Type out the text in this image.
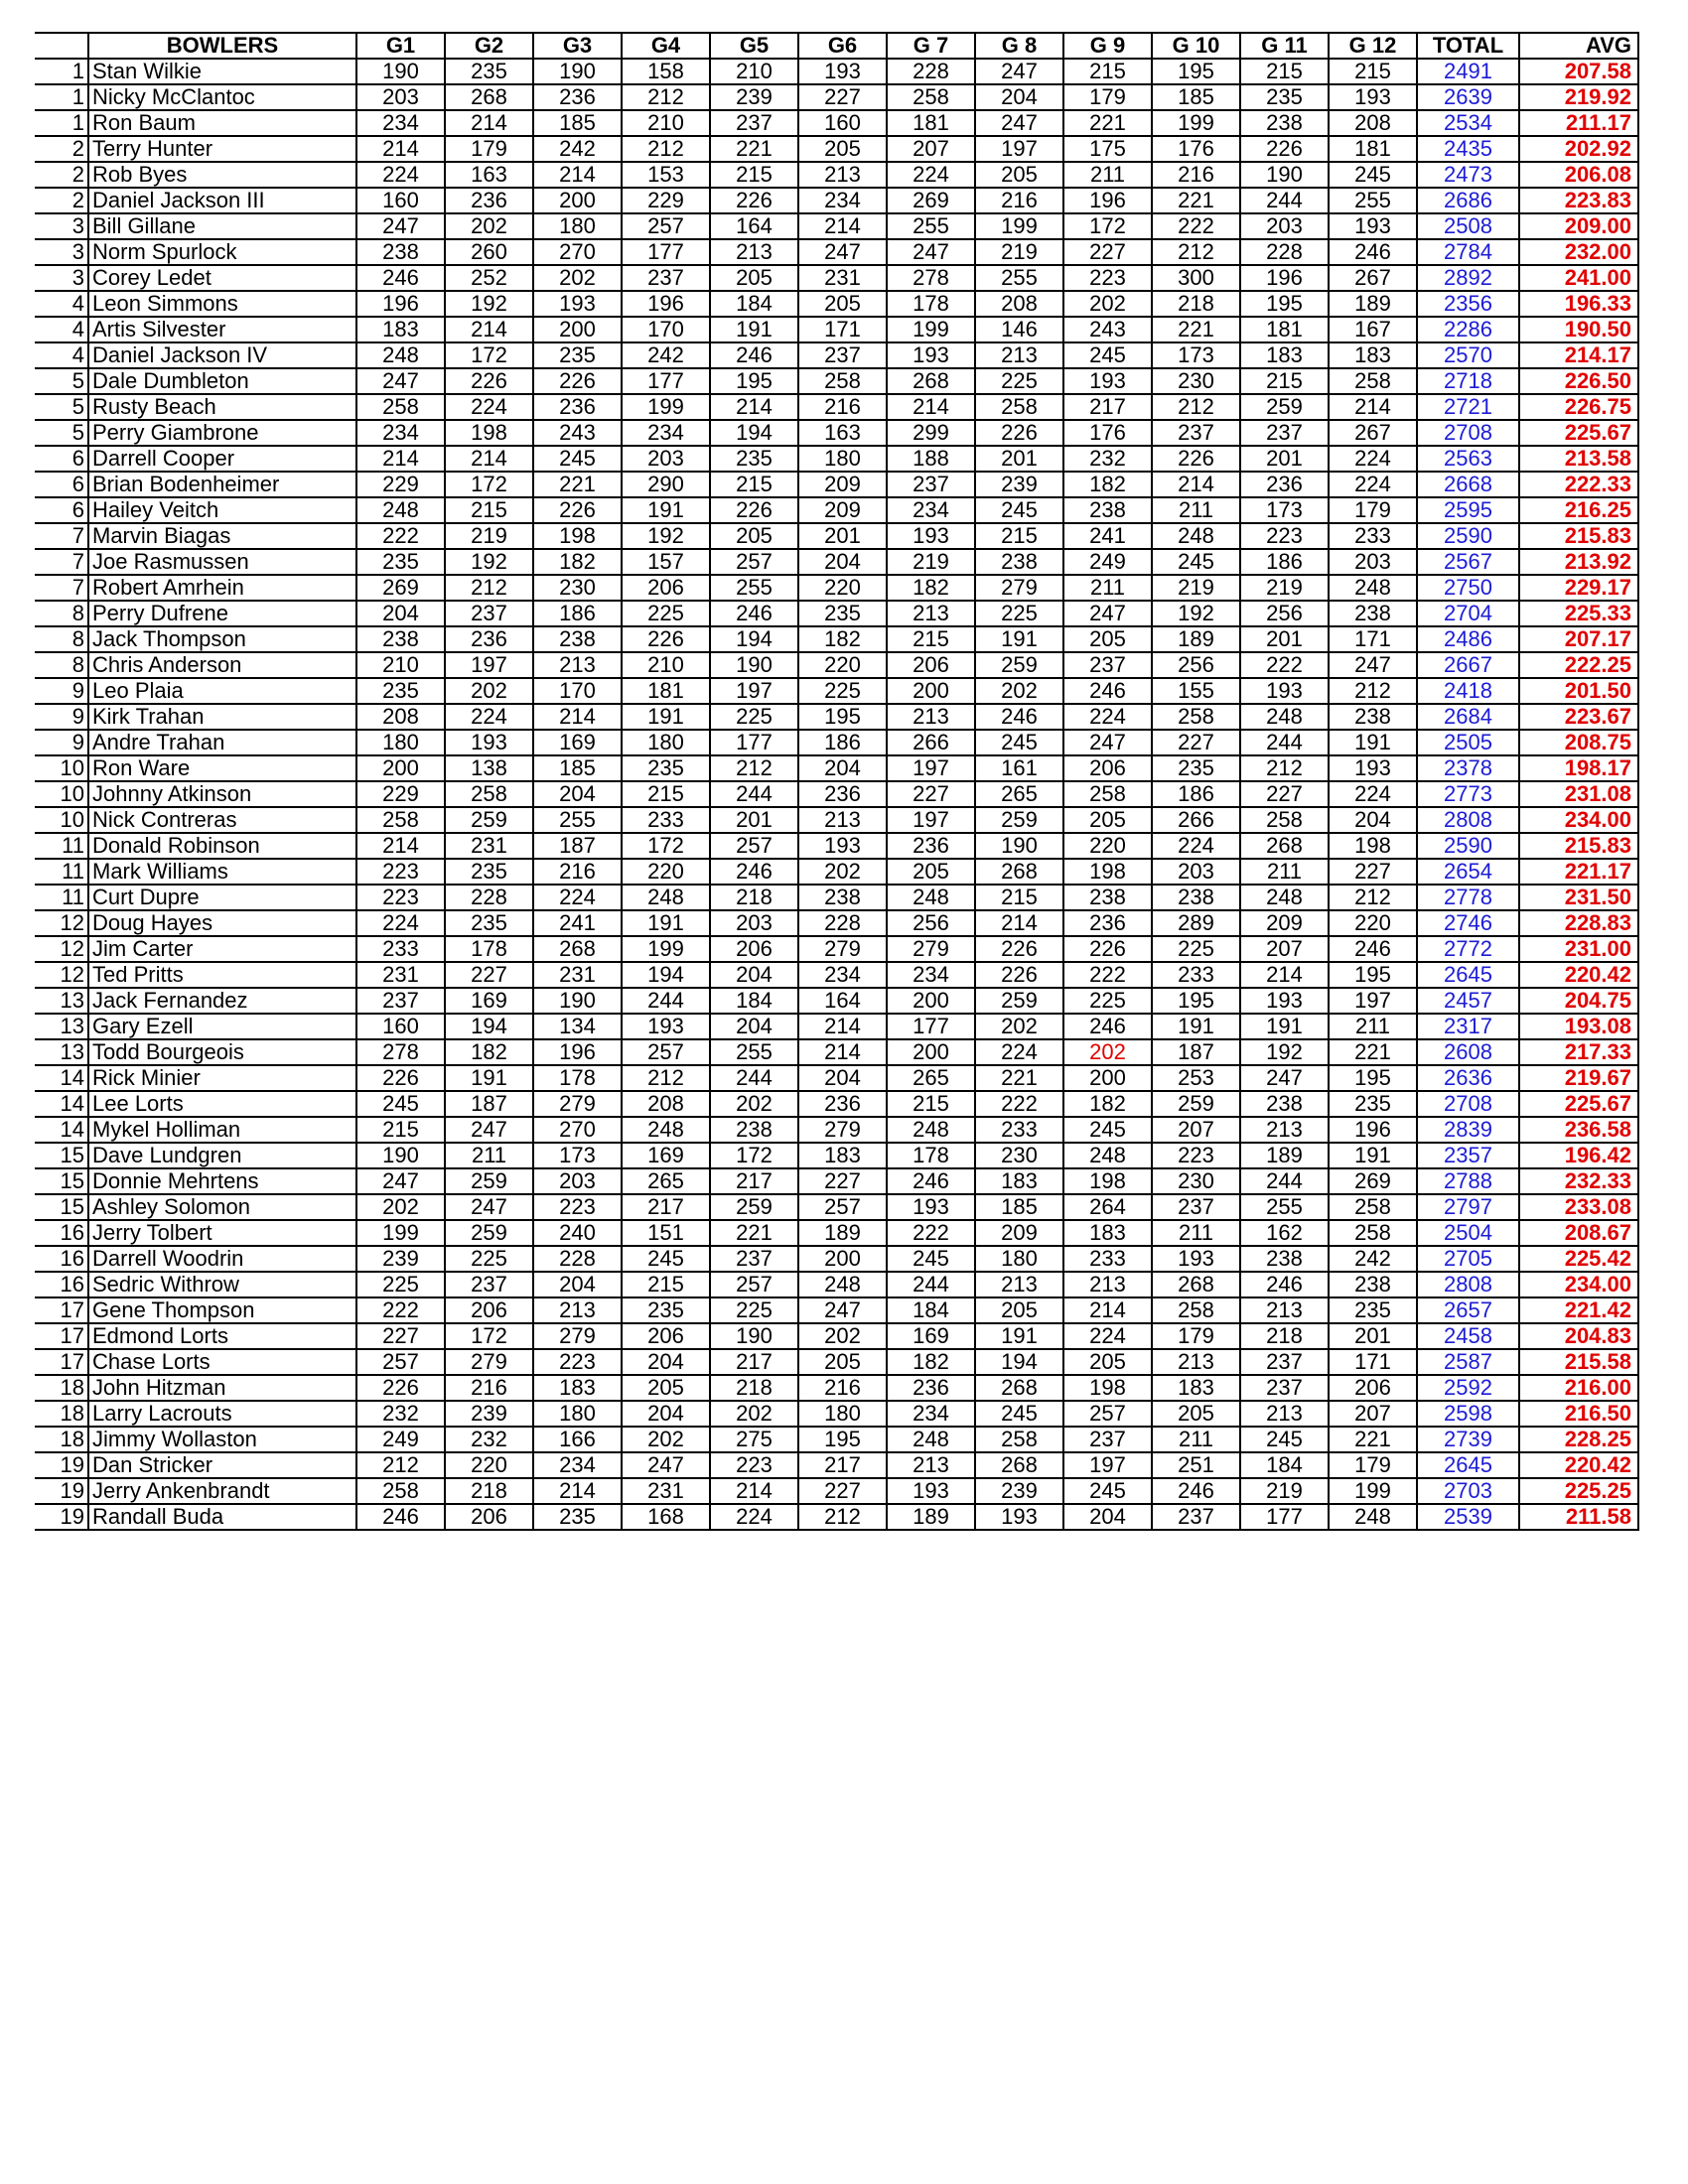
	BOWLERS	G1	G2	G3	G4	G5	G6	G 7	G 8	G 9	G 10	G 11	G 12	TOTAL	AVG
1	Stan Wilkie	190	235	190	158	210	193	228	247	215	195	215	215	2491	207.58
1	Nicky McClantoc	203	268	236	212	239	227	258	204	179	185	235	193	2639	219.92
1	Ron Baum	234	214	185	210	237	160	181	247	221	199	238	208	2534	211.17
2	Terry Hunter	214	179	242	212	221	205	207	197	175	176	226	181	2435	202.92
2	Rob Byes	224	163	214	153	215	213	224	205	211	216	190	245	2473	206.08
2	Daniel Jackson III	160	236	200	229	226	234	269	216	196	221	244	255	2686	223.83
3	Bill Gillane	247	202	180	257	164	214	255	199	172	222	203	193	2508	209.00
3	Norm Spurlock	238	260	270	177	213	247	247	219	227	212	228	246	2784	232.00
3	Corey Ledet	246	252	202	237	205	231	278	255	223	300	196	267	2892	241.00
4	Leon Simmons	196	192	193	196	184	205	178	208	202	218	195	189	2356	196.33
4	Artis Silvester	183	214	200	170	191	171	199	146	243	221	181	167	2286	190.50
4	Daniel Jackson IV	248	172	235	242	246	237	193	213	245	173	183	183	2570	214.17
5	Dale Dumbleton	247	226	226	177	195	258	268	225	193	230	215	258	2718	226.50
5	Rusty Beach	258	224	236	199	214	216	214	258	217	212	259	214	2721	226.75
5	Perry Giambrone	234	198	243	234	194	163	299	226	176	237	237	267	2708	225.67
6	Darrell Cooper	214	214	245	203	235	180	188	201	232	226	201	224	2563	213.58
6	Brian Bodenheimer	229	172	221	290	215	209	237	239	182	214	236	224	2668	222.33
6	Hailey Veitch	248	215	226	191	226	209	234	245	238	211	173	179	2595	216.25
7	Marvin Biagas	222	219	198	192	205	201	193	215	241	248	223	233	2590	215.83
7	Joe Rasmussen	235	192	182	157	257	204	219	238	249	245	186	203	2567	213.92
7	Robert Amrhein	269	212	230	206	255	220	182	279	211	219	219	248	2750	229.17
8	Perry Dufrene	204	237	186	225	246	235	213	225	247	192	256	238	2704	225.33
8	Jack Thompson	238	236	238	226	194	182	215	191	205	189	201	171	2486	207.17
8	Chris Anderson	210	197	213	210	190	220	206	259	237	256	222	247	2667	222.25
9	Leo Plaia	235	202	170	181	197	225	200	202	246	155	193	212	2418	201.50
9	Kirk Trahan	208	224	214	191	225	195	213	246	224	258	248	238	2684	223.67
9	Andre Trahan	180	193	169	180	177	186	266	245	247	227	244	191	2505	208.75
10	Ron Ware	200	138	185	235	212	204	197	161	206	235	212	193	2378	198.17
10	Johnny Atkinson	229	258	204	215	244	236	227	265	258	186	227	224	2773	231.08
10	Nick Contreras	258	259	255	233	201	213	197	259	205	266	258	204	2808	234.00
11	Donald Robinson	214	231	187	172	257	193	236	190	220	224	268	198	2590	215.83
11	Mark Williams	223	235	216	220	246	202	205	268	198	203	211	227	2654	221.17
11	Curt Dupre	223	228	224	248	218	238	248	215	238	238	248	212	2778	231.50
12	Doug Hayes	224	235	241	191	203	228	256	214	236	289	209	220	2746	228.83
12	Jim Carter	233	178	268	199	206	279	279	226	226	225	207	246	2772	231.00
12	Ted Pritts	231	227	231	194	204	234	234	226	222	233	214	195	2645	220.42
13	Jack Fernandez	237	169	190	244	184	164	200	259	225	195	193	197	2457	204.75
13	Gary Ezell	160	194	134	193	204	214	177	202	246	191	191	211	2317	193.08
13	Todd Bourgeois	278	182	196	257	255	214	200	224	202	187	192	221	2608	217.33
14	Rick Minier	226	191	178	212	244	204	265	221	200	253	247	195	2636	219.67
14	Lee Lorts	245	187	279	208	202	236	215	222	182	259	238	235	2708	225.67
14	Mykel Holliman	215	247	270	248	238	279	248	233	245	207	213	196	2839	236.58
15	Dave Lundgren	190	211	173	169	172	183	178	230	248	223	189	191	2357	196.42
15	Donnie Mehrtens	247	259	203	265	217	227	246	183	198	230	244	269	2788	232.33
15	Ashley Solomon	202	247	223	217	259	257	193	185	264	237	255	258	2797	233.08
16	Jerry Tolbert	199	259	240	151	221	189	222	209	183	211	162	258	2504	208.67
16	Darrell Woodrin	239	225	228	245	237	200	245	180	233	193	238	242	2705	225.42
16	Sedric Withrow	225	237	204	215	257	248	244	213	213	268	246	238	2808	234.00
17	Gene Thompson	222	206	213	235	225	247	184	205	214	258	213	235	2657	221.42
17	Edmond Lorts	227	172	279	206	190	202	169	191	224	179	218	201	2458	204.83
17	Chase Lorts	257	279	223	204	217	205	182	194	205	213	237	171	2587	215.58
18	John Hitzman	226	216	183	205	218	216	236	268	198	183	237	206	2592	216.00
18	Larry Lacrouts	232	239	180	204	202	180	234	245	257	205	213	207	2598	216.50
18	Jimmy Wollaston	249	232	166	202	275	195	248	258	237	211	245	221	2739	228.25
19	Dan Stricker	212	220	234	247	223	217	213	268	197	251	184	179	2645	220.42
19	Jerry Ankenbrandt	258	218	214	231	214	227	193	239	245	246	219	199	2703	225.25
19	Randall Buda	246	206	235	168	224	212	189	193	204	237	177	248	2539	211.58
